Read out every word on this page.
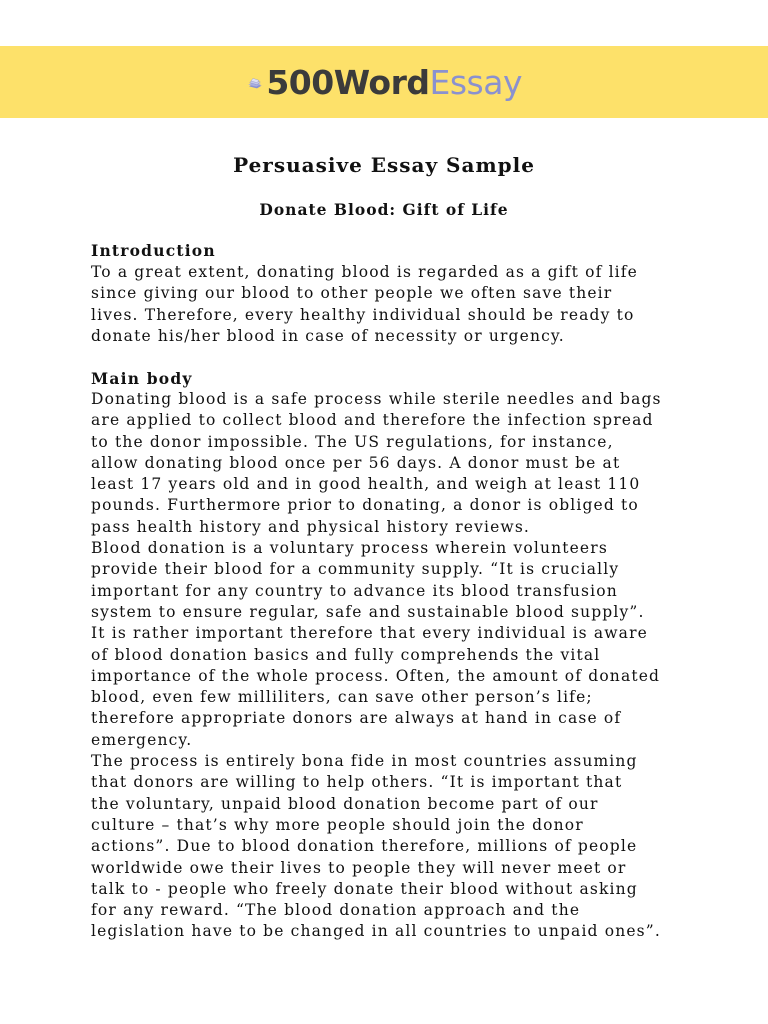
500WordEssay
Persuasive Essay Sample
Donate Blood: Gift of Life
Introduction
To a great extent, donating blood is regarded as a gift of life
since giving our blood to other people we often save their
lives. Therefore, every healthy individual should be ready to
donate his/her blood in case of necessity or urgency.
Main body
Donating blood is a safe process while sterile needles and bags
are applied to collect blood and therefore the infection spread
to the donor impossible. The US regulations, for instance,
allow donating blood once per 56 days. A donor must be at
least 17 years old and in good health, and weigh at least 110
pounds. Furthermore prior to donating, a donor is obliged to
pass health history and physical history reviews.
Blood donation is a voluntary process wherein volunteers
provide their blood for a community supply. “It is crucially
important for any country to advance its blood transfusion
system to ensure regular, safe and sustainable blood supply”.
It is rather important therefore that every individual is aware
of blood donation basics and fully comprehends the vital
importance of the whole process. Often, the amount of donated
blood, even few milliliters, can save other person’s life;
therefore appropriate donors are always at hand in case of
emergency.
The process is entirely bona fide in most countries assuming
that donors are willing to help others. “It is important that
the voluntary, unpaid blood donation become part of our
culture – that’s why more people should join the donor
actions”. Due to blood donation therefore, millions of people
worldwide owe their lives to people they will never meet or
talk to - people who freely donate their blood without asking
for any reward. “The blood donation approach and the
legislation have to be changed in all countries to unpaid ones”.
